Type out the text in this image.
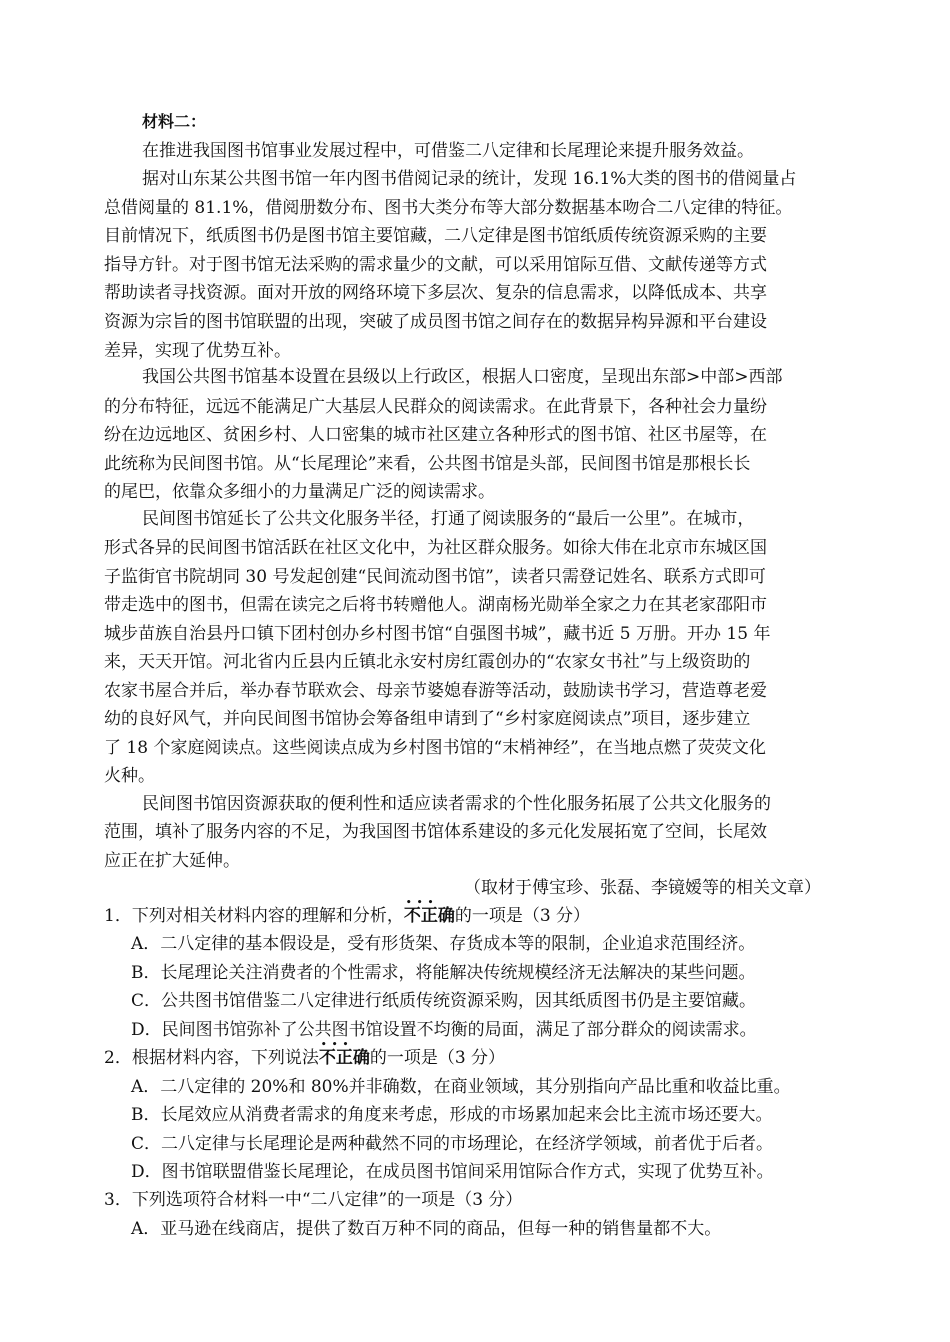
材料二：
在推进我国图书馆事业发展过程中，可借鉴二八定律和长尾理论来提升服务效益。
据对山东某公共图书馆一年内图书借阅记录的统计，发现 16.1%大类的图书的借阅量占
总借阅量的 81.1%，借阅册数分布、图书大类分布等大部分数据基本吻合二八定律的特征。
目前情况下，纸质图书仍是图书馆主要馆藏，二八定律是图书馆纸质传统资源采购的主要
指导方针。对于图书馆无法采购的需求量少的文献，可以采用馆际互借、文献传递等方式
帮助读者寻找资源。面对开放的网络环境下多层次、复杂的信息需求，以降低成本、共享
资源为宗旨的图书馆联盟的出现，突破了成员图书馆之间存在的数据异构异源和平台建设
差异，实现了优势互补。
我国公共图书馆基本设置在县级以上行政区，根据人口密度，呈现出东部>中部>西部
的分布特征，远远不能满足广大基层人民群众的阅读需求。在此背景下，各种社会力量纷
纷在边远地区、贫困乡村、人口密集的城市社区建立各种形式的图书馆、社区书屋等，在
此统称为民间图书馆。从“长尾理论”来看，公共图书馆是头部，民间图书馆是那根长长
的尾巴，依靠众多细小的力量满足广泛的阅读需求。
民间图书馆延长了公共文化服务半径，打通了阅读服务的“最后一公里”。在城市，
形式各异的民间图书馆活跃在社区文化中，为社区群众服务。如徐大伟在北京市东城区国
子监街官书院胡同 30 号发起创建“民间流动图书馆”，读者只需登记姓名、联系方式即可
带走选中的图书，但需在读完之后将书转赠他人。湖南杨光勋举全家之力在其老家邵阳市
城步苗族自治县丹口镇下团村创办乡村图书馆“自强图书城”，藏书近 5 万册。开办 15 年
来，天天开馆。河北省内丘县内丘镇北永安村房红霞创办的“农家女书社”与上级资助的
农家书屋合并后，举办春节联欢会、母亲节婆媳春游等活动，鼓励读书学习，营造尊老爱
幼的良好风气，并向民间图书馆协会筹备组申请到了“乡村家庭阅读点”项目，逐步建立
了 18 个家庭阅读点。这些阅读点成为乡村图书馆的“末梢神经”，在当地点燃了荧荧文化
火种。
民间图书馆因资源获取的便利性和适应读者需求的个性化服务拓展了公共文化服务的
范围，填补了服务内容的不足，为我国图书馆体系建设的多元化发展拓宽了空间，长尾效
应正在扩大延伸。
（取材于傅宝珍、张磊、李镜嫒等的相关文章）
1．下列对相关材料内容的理解和分析，• • • 不正确的一项是（3 分）
A．二八定律的基本假设是，受有形货架、存货成本等的限制，企业追求范围经济。
B．长尾理论关注消费者的个性需求，将能解决传统规模经济无法解决的某些问题。
C．公共图书馆借鉴二八定律进行纸质传统资源采购，因其纸质图书仍是主要馆藏。
D．民间图书馆弥补了公共图书馆设置不均衡的局面，满足了部分群众的阅读需求。
2．根据材料内容，下列说法• • • 不正确的一项是（3 分）
A．二八定律的 20%和 80%并非确数，在商业领域，其分别指向产品比重和收益比重。
B．长尾效应从消费者需求的角度来考虑，形成的市场累加起来会比主流市场还要大。
C．二八定律与长尾理论是两种截然不同的市场理论，在经济学领域，前者优于后者。
D．图书馆联盟借鉴长尾理论，在成员图书馆间采用馆际合作方式，实现了优势互补。
3．下列选项符合材料一中“二八定律”的一项是（3 分）
A．亚马逊在线商店，提供了数百万种不同的商品，但每一种的销售量都不大。
